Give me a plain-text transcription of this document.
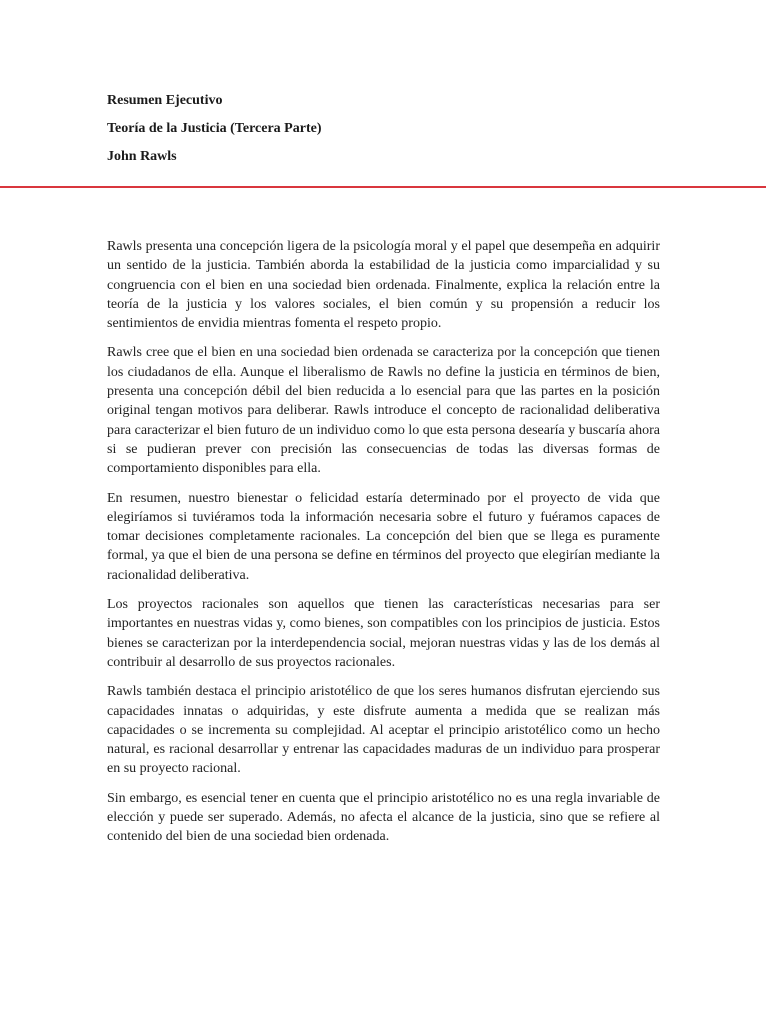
Resumen Ejecutivo
Teoría de la Justicia (Tercera Parte)
John Rawls

Rawls presenta una concepción ligera de la psicología moral y el papel que desempeña en adquirir un sentido de la justicia. También aborda la estabilidad de la justicia como imparcialidad y su congruencia con el bien en una sociedad bien ordenada. Finalmente, explica la relación entre la teoría de la justicia y los valores sociales, el bien común y su propensión a reducir los sentimientos de envidia mientras fomenta el respeto propio.

Rawls cree que el bien en una sociedad bien ordenada se caracteriza por la concepción que tienen los ciudadanos de ella. Aunque el liberalismo de Rawls no define la justicia en términos de bien, presenta una concepción débil del bien reducida a lo esencial para que las partes en la posición original tengan motivos para deliberar. Rawls introduce el concepto de racionalidad deliberativa para caracterizar el bien futuro de un individuo como lo que esta persona desearía y buscaría ahora si se pudieran prever con precisión las consecuencias de todas las diversas formas de comportamiento disponibles para ella.

En resumen, nuestro bienestar o felicidad estaría determinado por el proyecto de vida que elegiríamos si tuviéramos toda la información necesaria sobre el futuro y fuéramos capaces de tomar decisiones completamente racionales. La concepción del bien que se llega es puramente formal, ya que el bien de una persona se define en términos del proyecto que elegirían mediante la racionalidad deliberativa.

Los proyectos racionales son aquellos que tienen las características necesarias para ser importantes en nuestras vidas y, como bienes, son compatibles con los principios de justicia. Estos bienes se caracterizan por la interdependencia social, mejoran nuestras vidas y las de los demás al contribuir al desarrollo de sus proyectos racionales.

Rawls también destaca el principio aristotélico de que los seres humanos disfrutan ejerciendo sus capacidades innatas o adquiridas, y este disfrute aumenta a medida que se realizan más capacidades o se incrementa su complejidad. Al aceptar el principio aristotélico como un hecho natural, es racional desarrollar y entrenar las capacidades maduras de un individuo para prosperar en su proyecto racional.

Sin embargo, es esencial tener en cuenta que el principio aristotélico no es una regla invariable de elección y puede ser superado. Además, no afecta el alcance de la justicia, sino que se refiere al contenido del bien de una sociedad bien ordenada.
